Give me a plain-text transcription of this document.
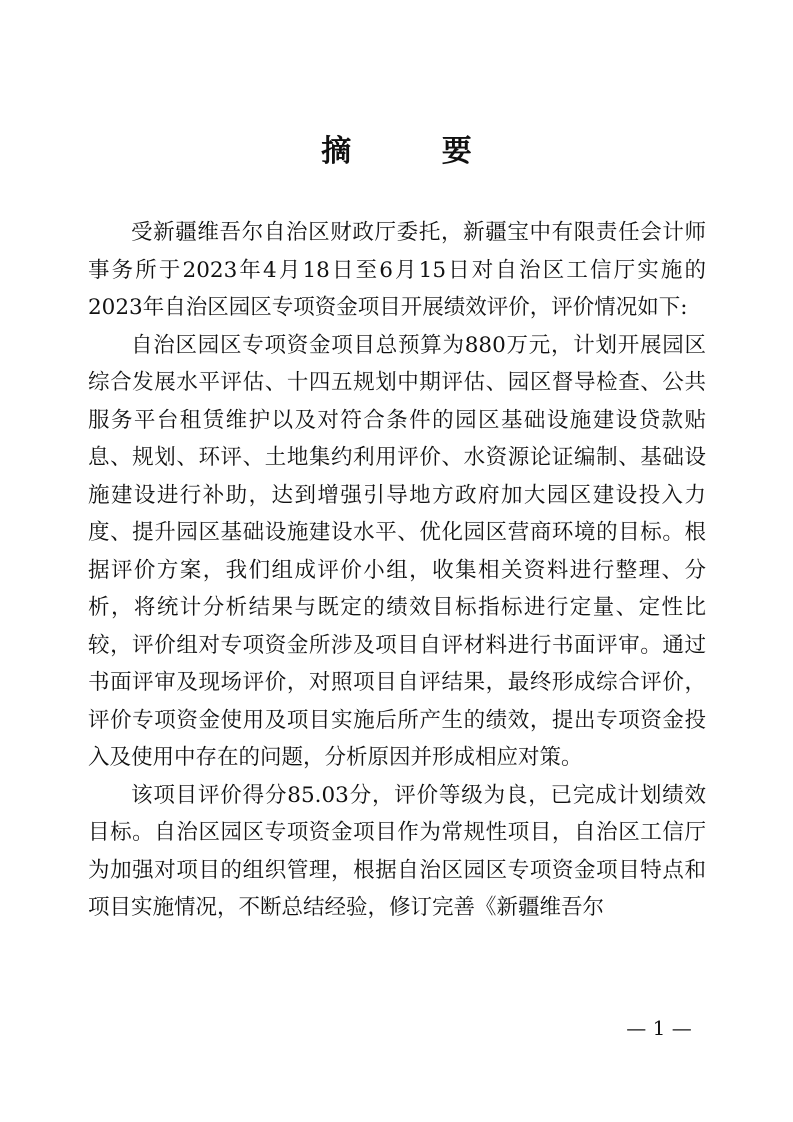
摘 要

受新疆维吾尔自治区财政厅委托，新疆宝中有限责任会计师事务所于2023年4月18日至6月15日对自治区工信厅实施的2023年自治区园区专项资金项目开展绩效评价，评价情况如下:

自治区园区专项资金项目总预算为880万元，计划开展园区综合发展水平评估、十四五规划中期评估、园区督导检查、公共服务平台租赁维护以及对符合条件的园区基础设施建设贷款贴息、规划、环评、土地集约利用评价、水资源论证编制、基础设施建设进行补助，达到增强引导地方政府加大园区建设投入力度、提升园区基础设施建设水平、优化园区营商环境的目标。根据评价方案，我们组成评价小组，收集相关资料进行整理、分析，将统计分析结果与既定的绩效目标指标进行定量、定性比较，评价组对专项资金所涉及项目自评材料进行书面评审。通过书面评审及现场评价，对照项目自评结果，最终形成综合评价，评价专项资金使用及项目实施后所产生的绩效，提出专项资金投入及使用中存在的问题，分析原因并形成相应对策。

该项目评价得分85.03分，评价等级为良，已完成计划绩效目标。自治区园区专项资金项目作为常规性项目，自治区工信厅为加强对项目的组织管理，根据自治区园区专项资金项目特点和项目实施情况，不断总结经验，修订完善《新疆维吾尔

— 1 —
